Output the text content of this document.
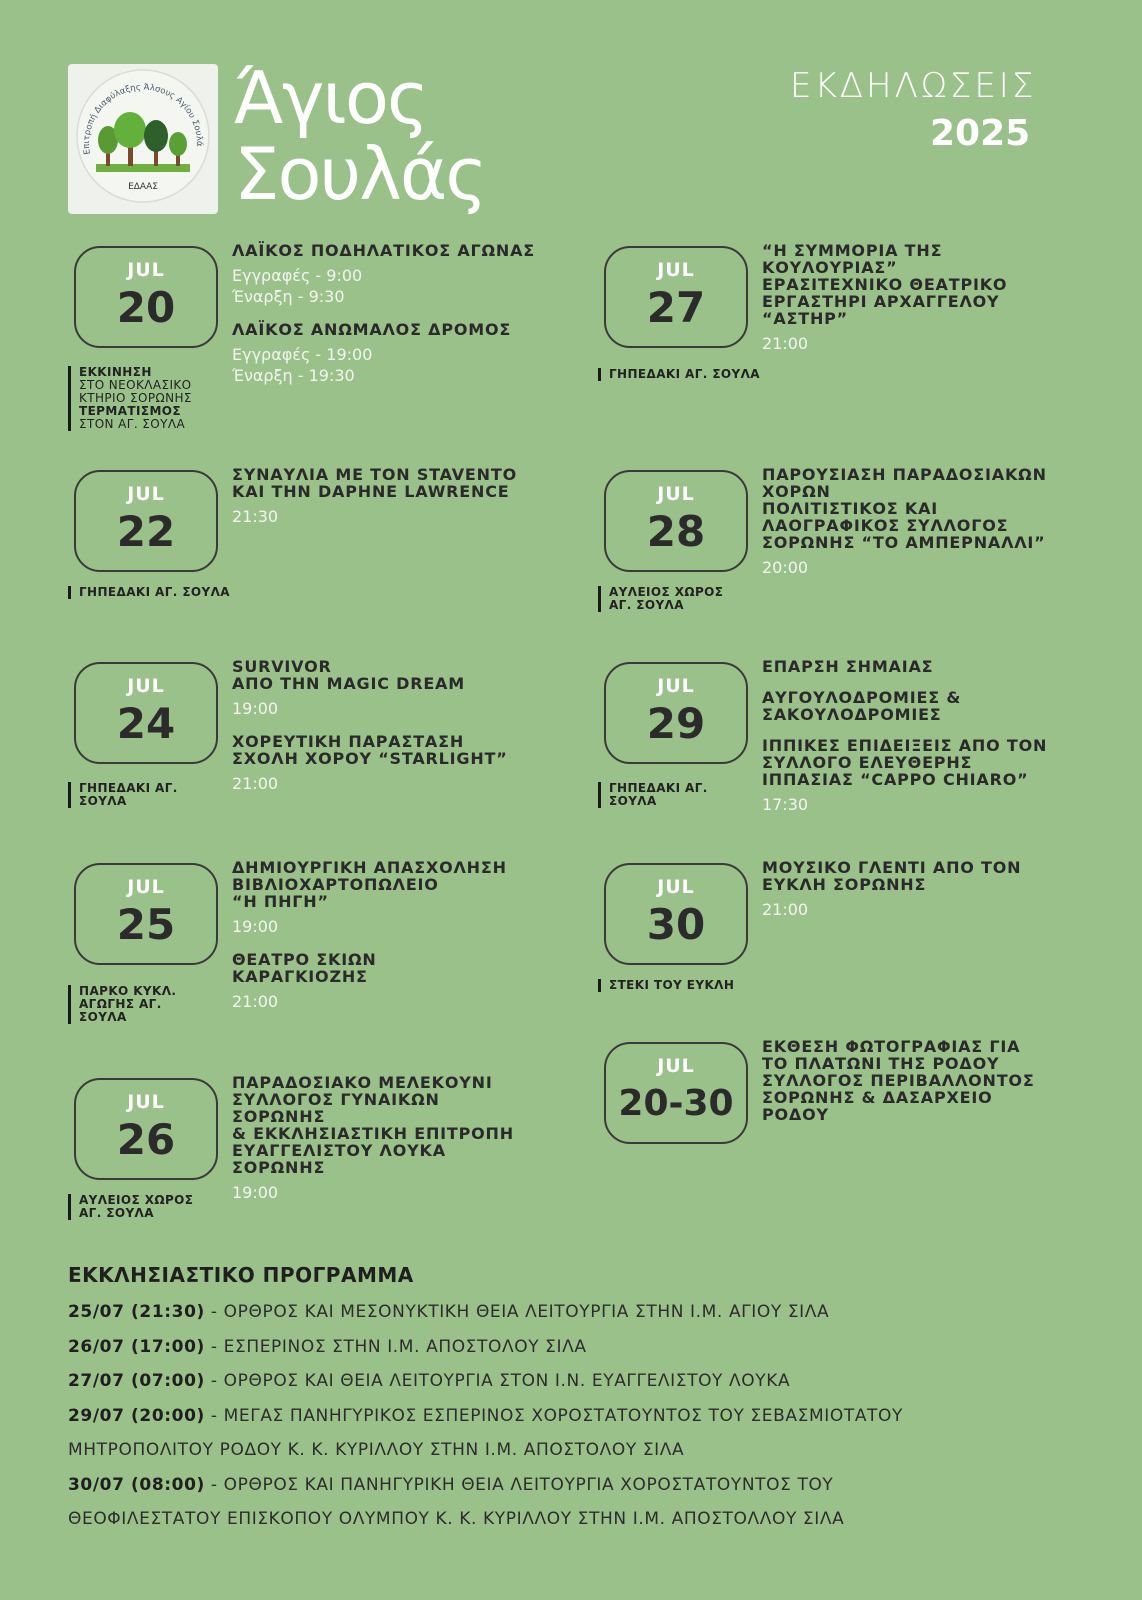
Επιτροπή Διαφύλαξης Άλσους Αγίου Σουλά
ΕΔΑΑΣ
Άγιος
Σουλάς
ΕΚΔΗΛΩΣΕΙΣ
2025
JUL
20
ΕΚΚΙΝΗΣΗ
ΣΤΟ ΝΕΟΚΛΑΣΙΚΟ
ΚΤΗΡΙΟ ΣΟΡΩΝΗΣ
ΤΕΡΜΑΤΙΣΜΟΣ
ΣΤΟΝ ΑΓ. ΣΟΥΛΑ
ΛΑΪΚΟΣ ΠΟΔΗΛΑΤΙΚΟΣ ΑΓΩΝΑΣ
Εγγραφές - 9:00
Έναρξη - 9:30
ΛΑΪΚΟΣ ΑΝΩΜΑΛΟΣ ΔΡΟΜΟΣ
Εγγραφές - 19:00
Έναρξη - 19:30
JUL
22
ΓΗΠΕΔΑΚΙ ΑΓ. ΣΟΥΛΑ
ΣΥΝΑΥΛΙΑ ΜΕ ΤΟΝ STAVENTO
ΚΑΙ ΤΗΝ DAPHNE LAWRENCE
21:30
JUL
24
ΓΗΠΕΔΑΚΙ ΑΓ.
ΣΟΥΛΑ
SURVIVOR
ΑΠΟ ΤΗΝ MAGIC DREAM
19:00
ΧΟΡΕΥΤΙΚΗ ΠΑΡΑΣΤΑΣΗ
ΣΧΟΛΗ ΧΟΡΟΥ “STARLIGHT”
21:00
JUL
25
ΠΑΡΚΟ ΚΥΚΛ.
ΑΓΩΓΗΣ ΑΓ.
ΣΟΥΛΑ
ΔΗΜΙΟΥΡΓΙΚΗ ΑΠΑΣΧΟΛΗΣΗ
ΒΙΒΛΙΟΧΑΡΤΟΠΩΛΕΙΟ
“Η ΠΗΓΗ”
19:00
ΘΕΑΤΡΟ ΣΚΙΩΝ
ΚΑΡΑΓΚΙΟΖΗΣ
21:00
JUL
26
ΑΥΛΕΙΟΣ ΧΩΡΟΣ
ΑΓ. ΣΟΥΛΑ
ΠΑΡΑΔΟΣΙΑΚΟ ΜΕΛΕΚΟΥΝΙ
ΣΥΛΛΟΓΟΣ ΓΥΝΑΙΚΩΝ
ΣΟΡΩΝΗΣ
& ΕΚΚΛΗΣΙΑΣΤΙΚΗ ΕΠΙΤΡΟΠΗ
ΕΥΑΓΓΕΛΙΣΤΟΥ ΛΟΥΚΑ
ΣΟΡΩΝΗΣ
19:00
JUL
27
ΓΗΠΕΔΑΚΙ ΑΓ. ΣΟΥΛΑ
“Η ΣΥΜΜΟΡΙΑ ΤΗΣ
ΚΟΥΛΟΥΡΙΑΣ”
ΕΡΑΣΙΤΕΧΝΙΚΟ ΘΕΑΤΡΙΚΟ
ΕΡΓΑΣΤΗΡΙ ΑΡΧΑΓΓΕΛΟΥ
“ΑΣΤΗΡ”
21:00
JUL
28
ΑΥΛΕΙΟΣ ΧΩΡΟΣ
ΑΓ. ΣΟΥΛΑ
ΠΑΡΟΥΣΙΑΣΗ ΠΑΡΑΔΟΣΙΑΚΩΝ
ΧΟΡΩΝ
ΠΟΛΙΤΙΣΤΙΚΟΣ ΚΑΙ
ΛΑΟΓΡΑΦΙΚΟΣ ΣΥΛΛΟΓΟΣ
ΣΟΡΩΝΗΣ “ΤΟ ΑΜΠΕΡΝΑΛΛΙ”
20:00
JUL
29
ΓΗΠΕΔΑΚΙ ΑΓ.
ΣΟΥΛΑ
ΕΠΑΡΣΗ ΣΗΜΑΙΑΣ
ΑΥΓΟΥΛΟΔΡΟΜΙΕΣ &
ΣΑΚΟΥΛΟΔΡΟΜΙΕΣ
ΙΠΠΙΚΕΣ ΕΠΙΔΕΙΞΕΙΣ ΑΠΟ ΤΟΝ
ΣΥΛΛΟΓΟ ΕΛΕΥΘΕΡΗΣ
ΙΠΠΑΣΙΑΣ “CAPPO CHIARO”
17:30
JUL
30
ΣΤΕΚΙ ΤΟΥ ΕΥΚΛΗ
ΜΟΥΣΙΚΟ ΓΛΕΝΤΙ ΑΠΟ ΤΟΝ
ΕΥΚΛΗ ΣΟΡΩΝΗΣ
21:00
JUL
20-30
ΕΚΘΕΣΗ ΦΩΤΟΓΡΑΦΙΑΣ ΓΙΑ
ΤΟ ΠΛΑΤΩΝΙ ΤΗΣ ΡΟΔΟΥ
ΣΥΛΛΟΓΟΣ ΠΕΡΙΒΑΛΛΟΝΤΟΣ
ΣΟΡΩΝΗΣ & ΔΑΣΑΡΧΕΙΟ
ΡΟΔΟΥ
ΕΚΚΛΗΣΙΑΣΤΙΚΟ ΠΡΟΓΡΑΜΜΑ
25/07 (21:30) - ΟΡΘΡΟΣ ΚΑΙ ΜΕΣΟΝΥΚΤΙΚΗ ΘΕΙΑ ΛΕΙΤΟΥΡΓΙΑ ΣΤΗΝ Ι.Μ. ΑΓΙΟΥ ΣΙΛΑ
26/07 (17:00) - ΕΣΠΕΡΙΝΟΣ ΣΤΗΝ Ι.Μ. ΑΠΟΣΤΟΛΟΥ ΣΙΛΑ
27/07 (07:00) - ΟΡΘΡΟΣ ΚΑΙ ΘΕΙΑ ΛΕΙΤΟΥΡΓΙΑ ΣΤΟΝ Ι.Ν. ΕΥΑΓΓΕΛΙΣΤΟΥ ΛΟΥΚΑ
29/07 (20:00) - ΜΕΓΑΣ ΠΑΝΗΓΥΡΙΚΟΣ ΕΣΠΕΡΙΝΟΣ ΧΟΡΟΣΤΑΤΟΥΝΤΟΣ ΤΟΥ ΣΕΒΑΣΜΙΟΤΑΤΟΥ
ΜΗΤΡΟΠΟΛΙΤΟΥ ΡΟΔΟΥ Κ. Κ. ΚΥΡΙΛΛΟΥ ΣΤΗΝ Ι.Μ. ΑΠΟΣΤΟΛΟΥ ΣΙΛΑ
30/07 (08:00) - ΟΡΘΡΟΣ ΚΑΙ ΠΑΝΗΓΥΡΙΚΗ ΘΕΙΑ ΛΕΙΤΟΥΡΓΙΑ ΧΟΡΟΣΤΑΤΟΥΝΤΟΣ ΤΟΥ
ΘΕΟΦΙΛΕΣΤΑΤΟΥ ΕΠΙΣΚΟΠΟΥ ΟΛΥΜΠΟΥ Κ. Κ. ΚΥΡΙΛΛΟΥ ΣΤΗΝ Ι.Μ. ΑΠΟΣΤΟΛΛΟΥ ΣΙΛΑ
